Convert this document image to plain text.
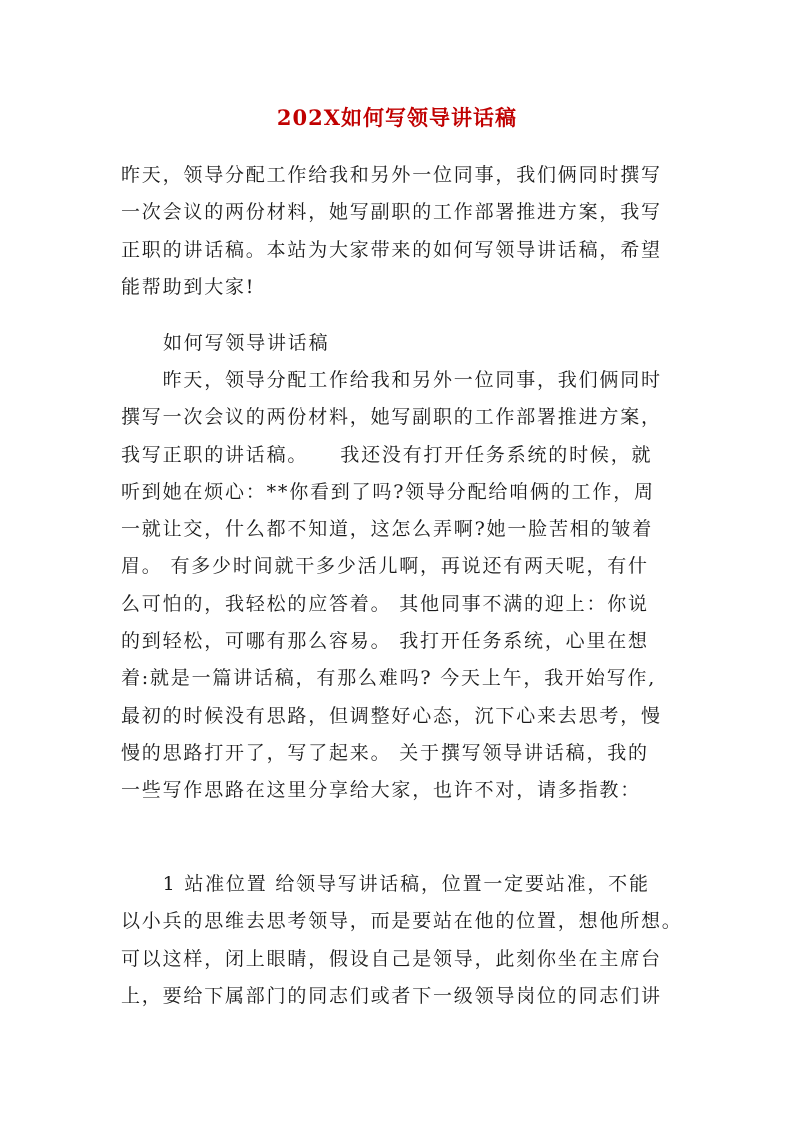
202X如何写领导讲话稿
昨天，领导分配工作给我和另外一位同事，我们俩同时撰写
一次会议的两份材料，她写副职的工作部署推进方案，我写
正职的讲话稿。本站为大家带来的如何写领导讲话稿，希望
能帮助到大家!
如何写领导讲话稿
　　昨天，领导分配工作给我和另外一位同事，我们俩同时
撰写一次会议的两份材料，她写副职的工作部署推进方案，
我写正职的讲话稿。　　我还没有打开任务系统的时候，就
听到她在烦心：**你看到了吗?领导分配给咱俩的工作，周
一就让交，什么都不知道，这怎么弄啊?她一脸苦相的皱着
眉。 有多少时间就干多少活儿啊，再说还有两天呢，有什
么可怕的，我轻松的应答着。 其他同事不满的迎上：你说
的到轻松，可哪有那么容易。 我打开任务系统，心里在想
着:就是一篇讲话稿，有那么难吗? 今天上午，我开始写作,
最初的时候没有思路，但调整好心态，沉下心来去思考，慢
慢的思路打开了，写了起来。 关于撰写领导讲话稿，我的
一些写作思路在这里分享给大家，也许不对，请多指教：
　　1 站准位置 给领导写讲话稿，位置一定要站准，不能
以小兵的思维去思考领导，而是要站在他的位置，想他所想。
可以这样，闭上眼睛，假设自己是领导，此刻你坐在主席台
上，要给下属部门的同志们或者下一级领导岗位的同志们讲
